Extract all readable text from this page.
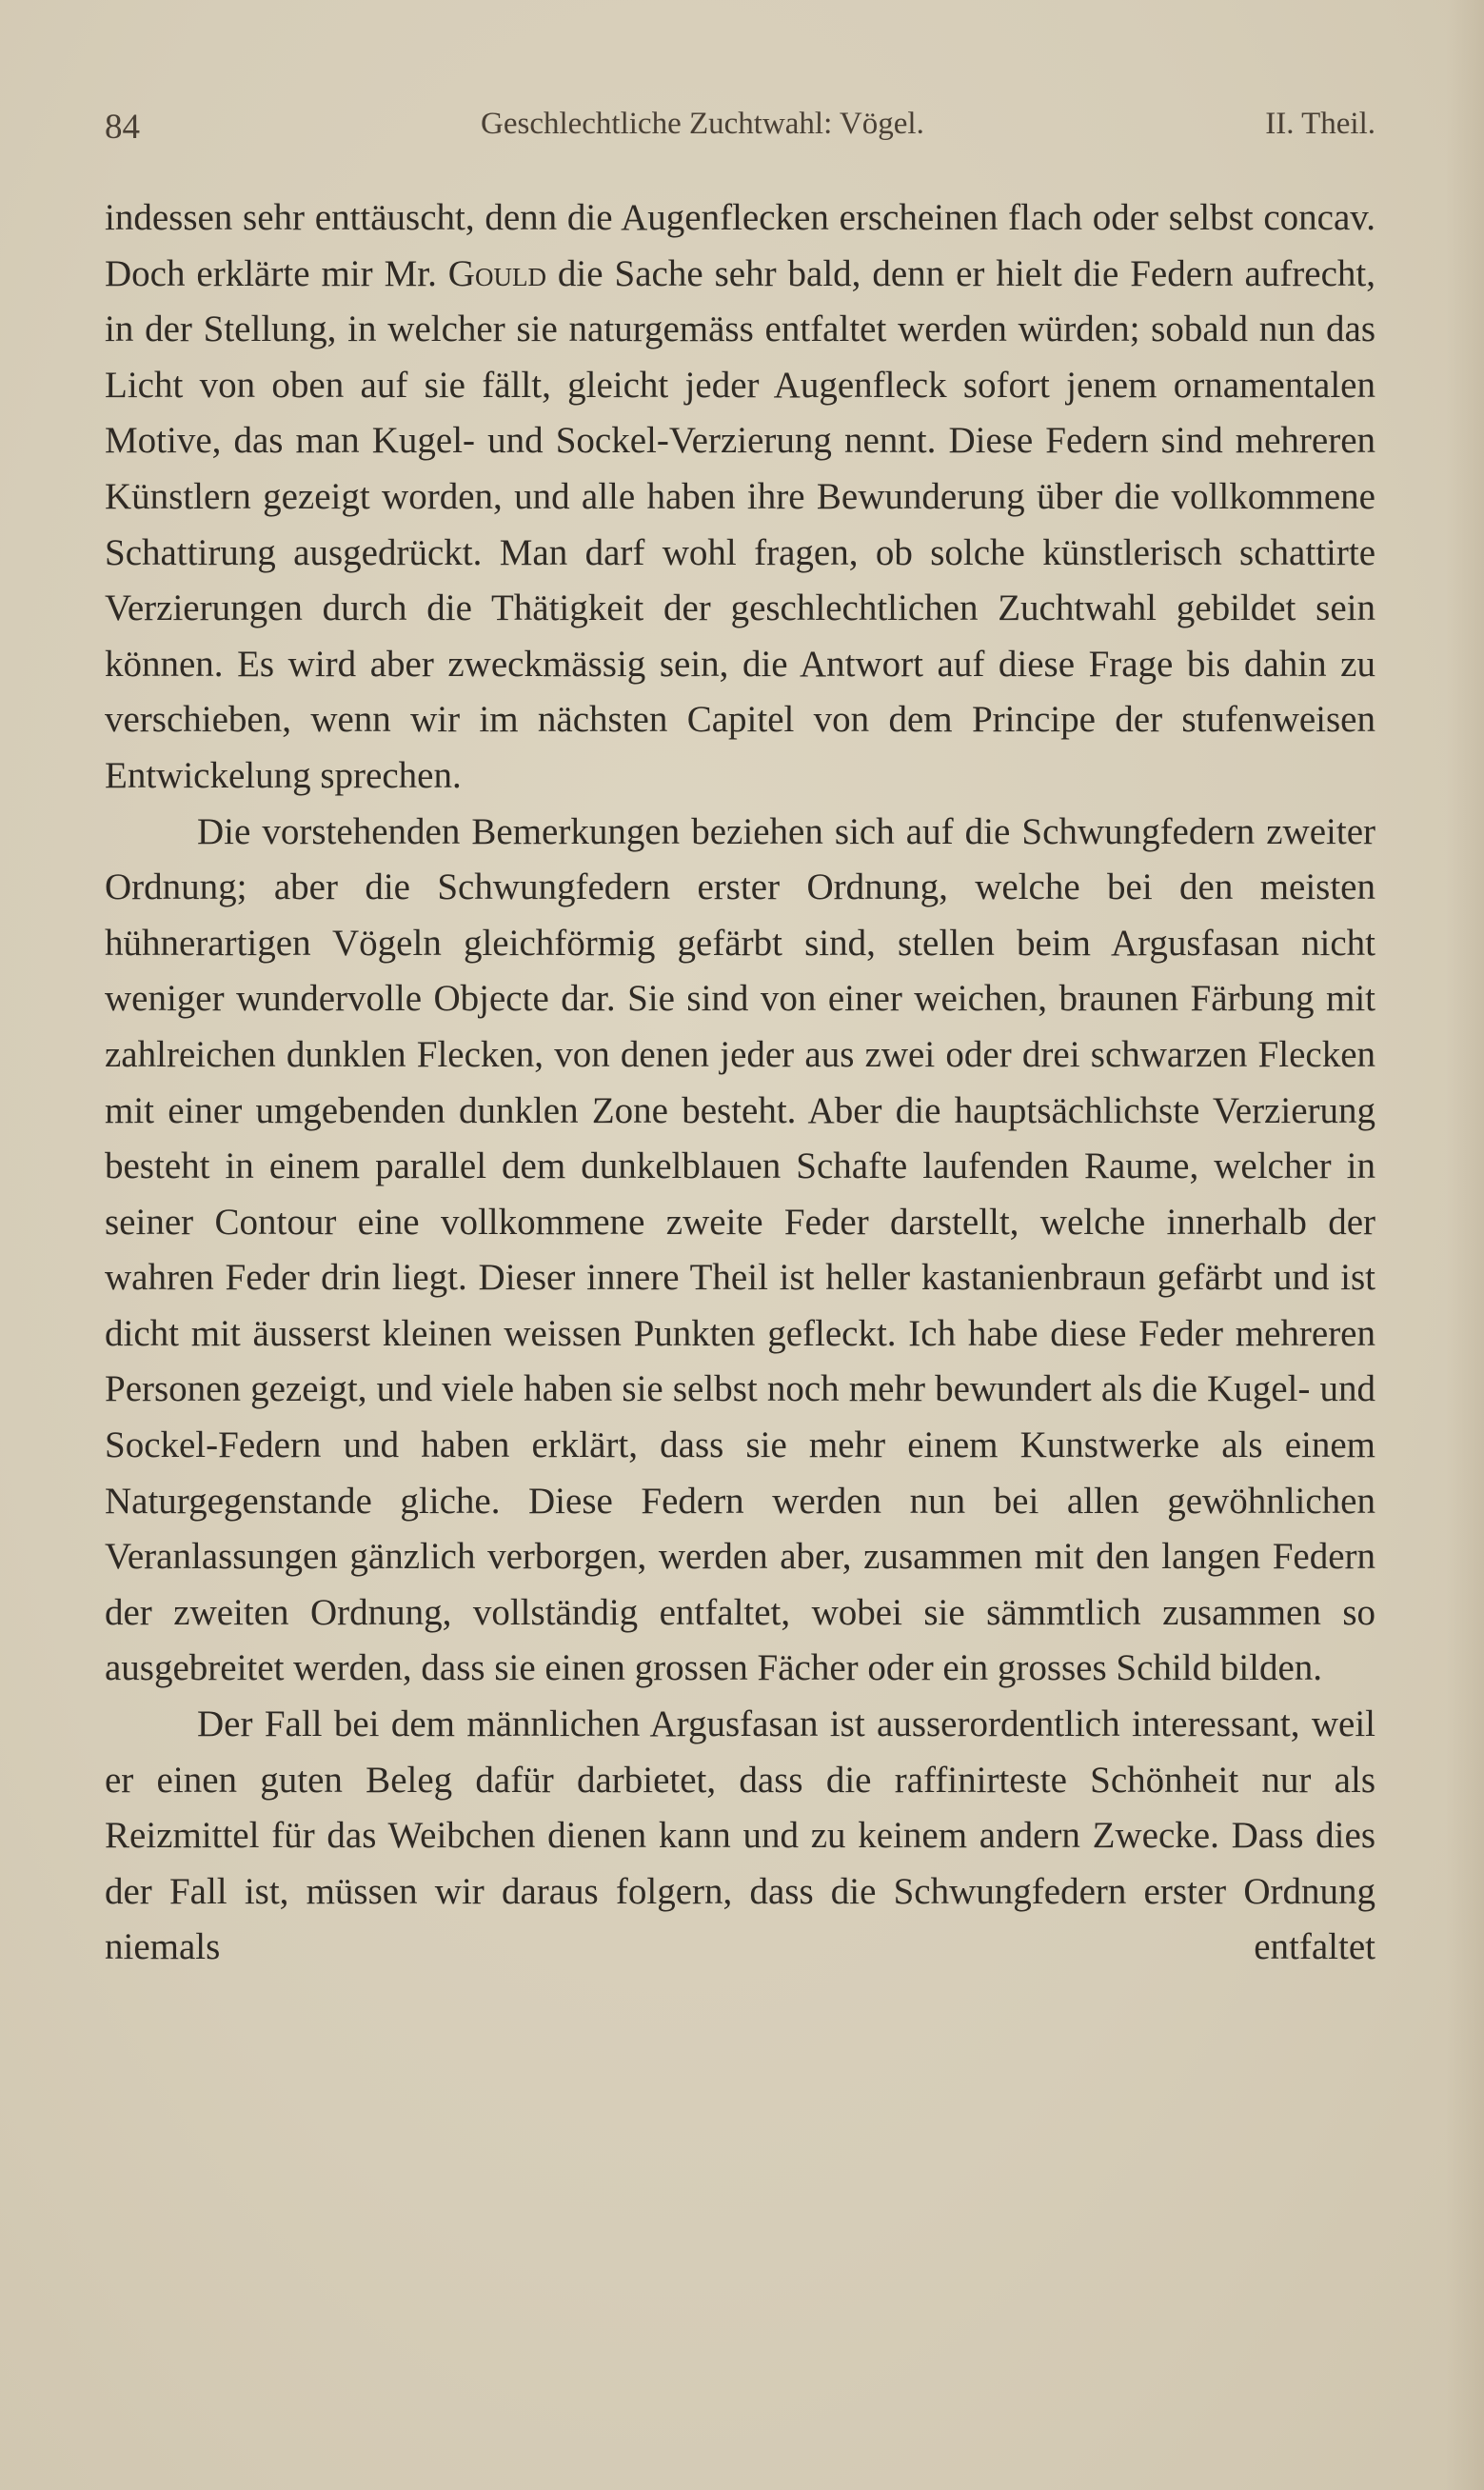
84	Geschlechtliche Zuchtwahl: Vögel.	II. Theil.

indessen sehr enttäuscht, denn die Augenflecken erscheinen flach oder selbst concav. Doch erklärte mir Mr. Gould die Sache sehr bald, denn er hielt die Federn aufrecht, in der Stellung, in welcher sie naturgemäss entfaltet werden würden; sobald nun das Licht von oben auf sie fällt, gleicht jeder Augenfleck sofort jenem ornamentalen Motive, das man Kugel- und Sockel-Verzierung nennt. Diese Federn sind mehreren Künstlern gezeigt worden, und alle haben ihre Bewunderung über die vollkommene Schattirung ausgedrückt. Man darf wohl fragen, ob solche künstlerisch schattirte Verzierungen durch die Thätigkeit der geschlechtlichen Zuchtwahl gebildet sein können. Es wird aber zweckmässig sein, die Antwort auf diese Frage bis dahin zu verschieben, wenn wir im nächsten Capitel von dem Principe der stufenweisen Entwickelung sprechen.

Die vorstehenden Bemerkungen beziehen sich auf die Schwungfedern zweiter Ordnung; aber die Schwungfedern erster Ordnung, welche bei den meisten hühnerartigen Vögeln gleichförmig gefärbt sind, stellen beim Argusfasan nicht weniger wundervolle Objecte dar. Sie sind von einer weichen, braunen Färbung mit zahlreichen dunklen Flecken, von denen jeder aus zwei oder drei schwarzen Flecken mit einer umgebenden dunklen Zone besteht. Aber die hauptsächlichste Verzierung besteht in einem parallel dem dunkelblauen Schafte laufenden Raume, welcher in seiner Contour eine vollkommene zweite Feder darstellt, welche innerhalb der wahren Feder drin liegt. Dieser innere Theil ist heller kastanienbraun gefärbt und ist dicht mit äusserst kleinen weissen Punkten gefleckt. Ich habe diese Feder mehreren Personen gezeigt, und viele haben sie selbst noch mehr bewundert als die Kugel- und Sockel-Federn und haben erklärt, dass sie mehr einem Kunstwerke als einem Naturgegenstande gliche. Diese Federn werden nun bei allen gewöhnlichen Veranlassungen gänzlich verborgen, werden aber, zusammen mit den langen Federn der zweiten Ordnung, vollständig entfaltet, wobei sie sämmtlich zusammen so ausgebreitet werden, dass sie einen grossen Fächer oder ein grosses Schild bilden.

Der Fall bei dem männlichen Argusfasan ist ausserordentlich interessant, weil er einen guten Beleg dafür darbietet, dass die raffinirteste Schönheit nur als Reizmittel für das Weibchen dienen kann und zu keinem andern Zwecke. Dass dies der Fall ist, müssen wir daraus folgern, dass die Schwungfedern erster Ordnung niemals entfaltet
